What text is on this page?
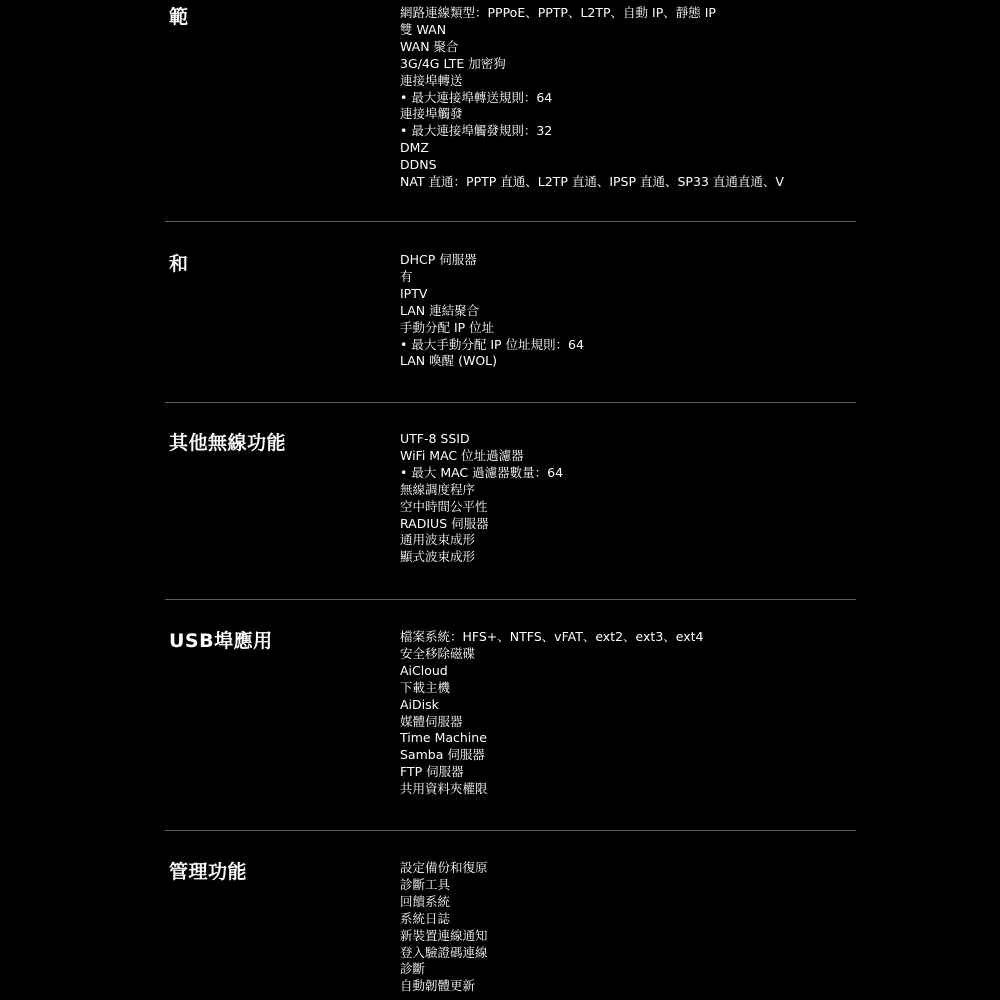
範	網路連線類型：PPPoE、PPTP、L2TP、自動 IP、靜態 IP
雙 WAN
WAN 聚合
3G/4G LTE 加密狗
連接埠轉送
• 最大連接埠轉送規則：64
連接埠觸發
• 最大連接埠觸發規則：32
DMZ
DDNS
NAT 直通：PPTP 直通、L2TP 直通、IPSP 直通、SP33 直通直通、V
和	DHCP 伺服器
有
IPTV
LAN 連結聚合
手動分配 IP 位址
• 最大手動分配 IP 位址規則：64
LAN 喚醒 (WOL)
其他無線功能	UTF-8 SSID
WiFi MAC 位址過濾器
• 最大 MAC 過濾器數量：64
無線調度程序
空中時間公平性
RADIUS 伺服器
通用波束成形
顯式波束成形
USB埠應用	檔案系統：HFS+、NTFS、vFAT、ext2、ext3、ext4
安全移除磁碟
AiCloud
下載主機
AiDisk
媒體伺服器
Time Machine
Samba 伺服器
FTP 伺服器
共用資料夾權限
管理功能	設定備份和復原
診斷工具
回饋系統
系統日誌
新裝置連線通知
登入驗證碼連線
診斷
自動韌體更新
